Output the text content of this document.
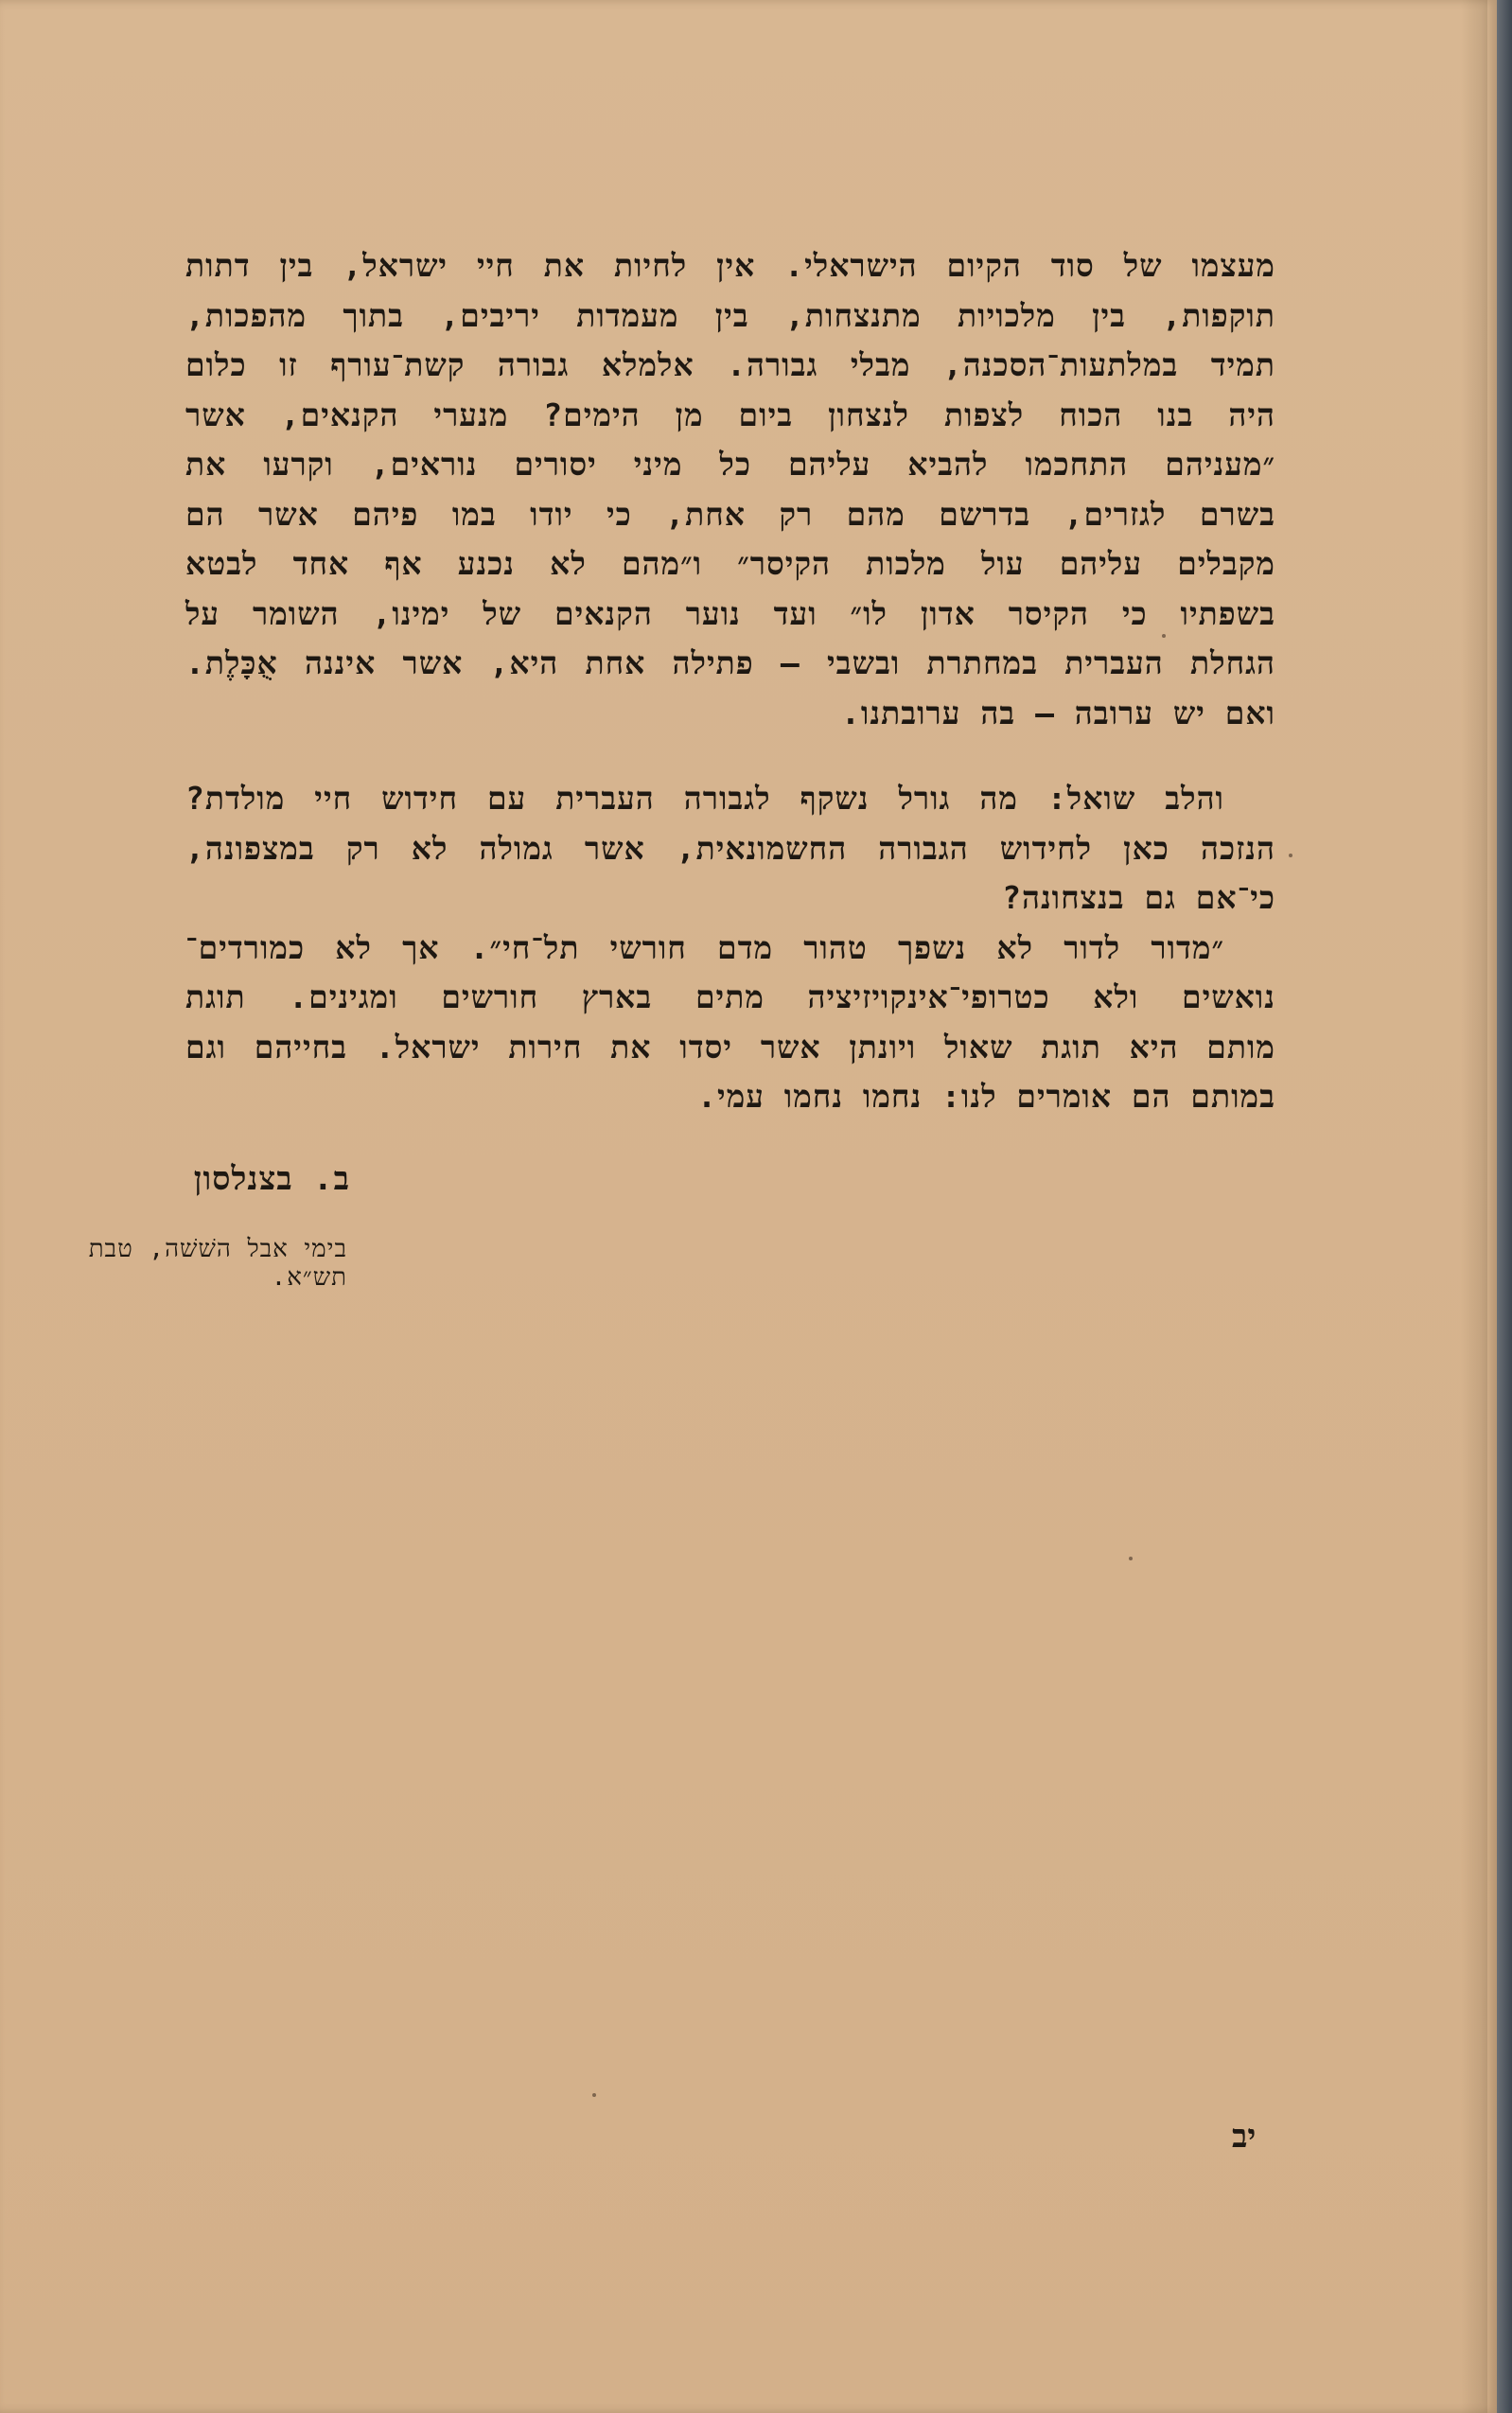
מעצמו של סוד הקיום הישראלי. אין לחיות את חיי ישראל, בין דתות
תוקפות, בין מלכויות מתנצחות, בין מעמדות יריבים, בתוך מהפכות,
תמיד במלתעות־הסכנה, מבלי גבורה. אלמלא גבורה קשת־עורף זו כלום
היה בנו הכוח לצפות לנצחון ביום מן הימים? מנערי הקנאים, אשר
״מעניהם התחכמו להביא עליהם כל מיני יסורים נוראים, וקרעו את
בשרם לגזרים, בדרשם מהם רק אחת, כי יודו במו פיהם אשר הם
מקבלים עליהם עול מלכות הקיסר״ ו״מהם לא נכנע אף אחד לבטא
בשפתיו כי הקיסר אדון לו״ ועד נוער הקנאים של ימינו, השומר על
הגחלת העברית במחתרת ובשבי — פתילה אחת היא, אשר איננה אֻכָּלֶת.
ואם יש ערובה — בה ערובתנו.

והלב שואל: מה גורל נשקף לגבורה העברית עם חידוש חיי מולדת?
הנזכה כאן לחידוש הגבורה החשמונאית, אשר גמולה לא רק במצפונה,
כי־אם גם בנצחונה?

״מדור לדור לא נשפך טהור מדם חורשי תל־חי״. אך לא כמורדים־
נואשים ולא כטרופי־אינקויזיציה מתים בארץ חורשים ומגינים. תוגת
מותם היא תוגת שאול ויונתן אשר יסדו את חירות ישראל. בחייהם וגם
במותם הם אומרים לנו: נחמו נחמו עמי.

ב. בצנלסון
בימי אבל השׁשׁה, טבת תש״א.
יב
